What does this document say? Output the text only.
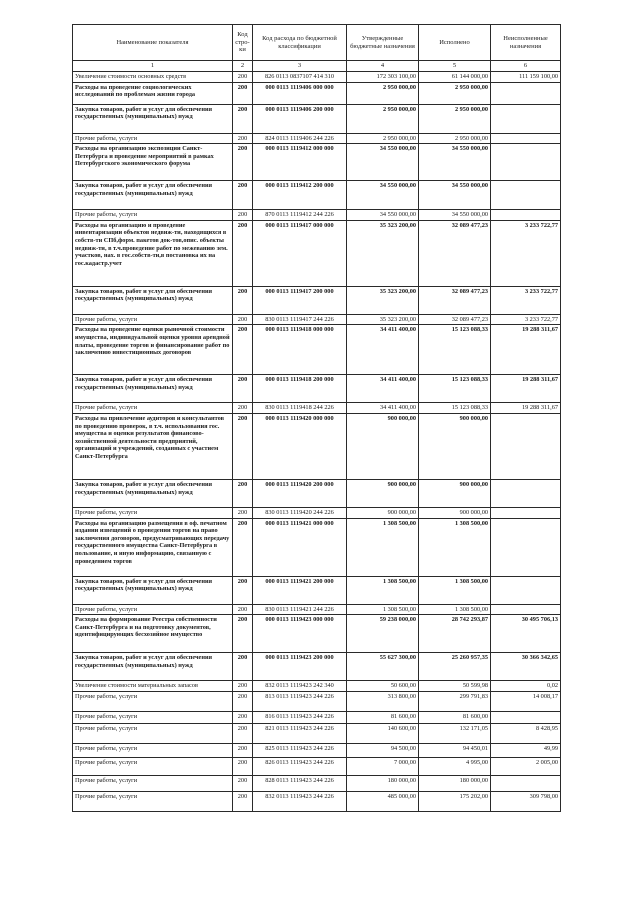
Наименование показателя	Код стро-ки	Код расхода по бюджетной классификации	Утвержденные бюджетные назначения	Исполнено	Неисполненные назначения
1	2	3	4	5	6
Увеличение стоимости основных средств	200	826 0113 0837107 414 310	172 303 100,00	61 144 000,00	111 159 100,00
Расходы на проведение социологических исследований по проблемам жизни города	200	000 0113 1119406 000 000	2 950 000,00	2 950 000,00	
Закупка товаров, работ и услуг для обеспечения государственных (муниципальных) нужд	200	000 0113 1119406 200 000	2 950 000,00	2 950 000,00	
Прочие работы, услуги	200	824 0113 1119406 244 226	2 950 000,00	2 950 000,00	
Расходы на организацию экспозиции Санкт-Петербурга и проведение мероприятий в рамках Петербургского экономического форума	200	000 0113 1119412 000 000	34 550 000,00	34 550 000,00	
Закупка товаров, работ и услуг для обеспечения государственных (муниципальных) нужд	200	000 0113 1119412 200 000	34 550 000,00	34 550 000,00	
Прочие работы, услуги	200	870 0113 1119412 244 226	34 550 000,00	34 550 000,00	
Расходы на организацию и проведение инвентаризации объектов недвиж-ти, находящихся в собств-ти СПб,форм. пакетов док-тов,опис. объекты недвиж-ти, в т.ч.проведение работ по межеванию зем. участков, нах. в гос.собств-ти,в постановка их на гос.кадастр.учет	200	000 0113 1119417 000 000	35 323 200,00	32 089 477,23	3 233 722,77
Закупка товаров, работ и услуг для обеспечения государственных (муниципальных) нужд	200	000 0113 1119417 200 000	35 323 200,00	32 089 477,23	3 233 722,77
Прочие работы, услуги	200	830 0113 1119417 244 226	35 323 200,00	32 089 477,23	3 233 722,77
Расходы на проведение оценки рыночной стоимости имущества, индивидуальной оценки уровня арендной платы, проведение торгов и финансирование работ по заключению инвестиционных договоров	200	000 0113 1119418 000 000	34 411 400,00	15 123 088,33	19 288 311,67
Закупка товаров, работ и услуг для обеспечения государственных (муниципальных) нужд	200	000 0113 1119418 200 000	34 411 400,00	15 123 088,33	19 288 311,67
Прочие работы, услуги	200	830 0113 1119418 244 226	34 411 400,00	15 123 088,33	19 288 311,67
Расходы на привлечение аудиторов и консультантов по проведению проверок, в т.ч. использования гос. имущества и оценки результатов финансово-хозяйственной деятельности предприятий, организаций и учреждений, созданных с участием Санкт-Петербурга	200	000 0113 1119420 000 000	900 000,00	900 000,00	
Закупка товаров, работ и услуг для обеспечения государственных (муниципальных) нужд	200	000 0113 1119420 200 000	900 000,00	900 000,00	
Прочие работы, услуги	200	830 0113 1119420 244 226	900 000,00	900 000,00	
Расходы на организацию размещения в оф. печатном издании извещений о проведении торгов на право заключения договоров, предусматривающих передачу государственного имущества Санкт-Петербурга в пользование, и иную информацию, связанную с проведением торгов	200	000 0113 1119421 000 000	1 308 500,00	1 308 500,00	
Закупка товаров, работ и услуг для обеспечения государственных (муниципальных) нужд	200	000 0113 1119421 200 000	1 308 500,00	1 308 500,00	
Прочие работы, услуги	200	830 0113 1119421 244 226	1 308 500,00	1 308 500,00	
Расходы на формирование Реестра собственности Санкт-Петербурга и на подготовку документов, идентифицирующих бесхозяйное имущество	200	000 0113 1119423 000 000	59 238 000,00	28 742 293,87	30 495 706,13
Закупка товаров, работ и услуг для обеспечения государственных (муниципальных) нужд	200	000 0113 1119423 200 000	55 627 300,00	25 260 957,35	30 366 342,65
Увеличение стоимости материальных запасов	200	832 0113 1119423 242 340	50 600,00	50 599,98	0,02
Прочие работы, услуги	200	813 0113 1119423 244 226	313 800,00	299 791,83	14 008,17
Прочие работы, услуги	200	816 0113 1119423 244 226	81 600,00	81 600,00	
Прочие работы, услуги	200	821 0113 1119423 244 226	140 600,00	132 171,05	8 428,95
Прочие работы, услуги	200	825 0113 1119423 244 226	94 500,00	94 450,01	49,99
Прочие работы, услуги	200	826 0113 1119423 244 226	7 000,00	4 995,00	2 005,00
Прочие работы, услуги	200	828 0113 1119423 244 226	180 000,00	180 000,00	
Прочие работы, услуги	200	832 0113 1119423 244 226	485 000,00	175 202,00	309 798,00
